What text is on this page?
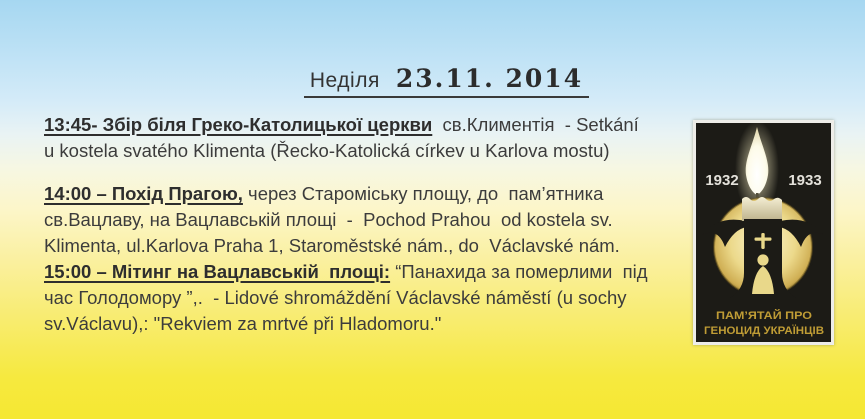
Неділя 23.11. 2014
13:45- Збір біля Греко-Католицької церкви  св.Климентія  - Setkání
u kostela svatého Klimenta (Řecko-Katolická církev u Karlova mostu)
14:00 – Похід Прагою, через Староміську площу, до  пам’ятника
св.Вацлаву, на Вацлавській площі  -  Pochod Prahou  od kostela sv.
Klimenta, ul.Karlova Praha 1, Staroměstské nám., do  Václavské nám.
15:00 – Мітинг на Вацлавській  площі: “Панахида за померлими  під
час Голодомору ”,.  - Lidové shromáždění Václavské náměstí (u sochy
sv.Václavu),: "Rekviem za mrtvé při Hladomoru."
1932	1933
ПАМ’ЯТАЙ ПРО
ГЕНОЦИД УКРАЇНЦІВ
